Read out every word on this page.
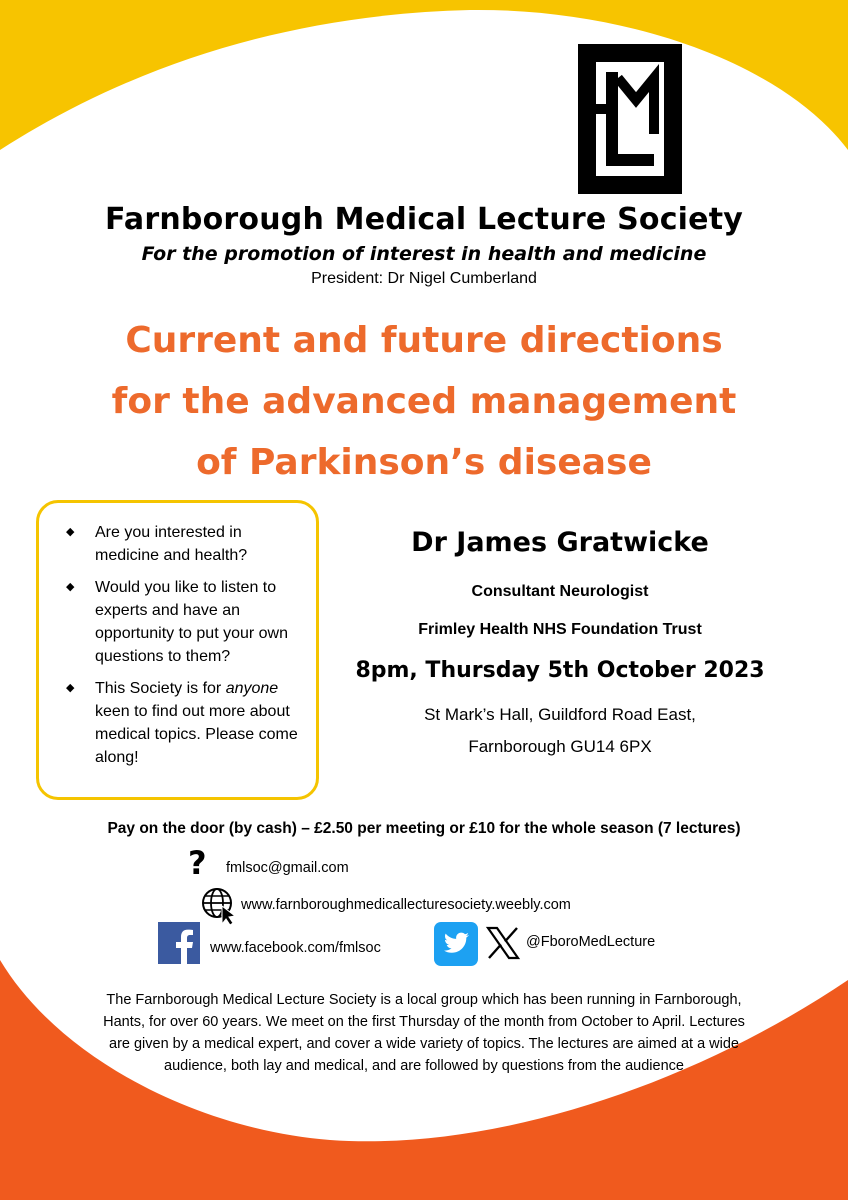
Farnborough Medical Lecture Society
For the promotion of interest in health and medicine
President: Dr Nigel Cumberland
Current and future directions
for the advanced management
of Parkinson’s disease
◆ Are you interested in medicine and health?
◆ Would you like to listen to experts and have an opportunity to put your own questions to them?
◆ This Society is for anyone keen to find out more about medical topics. Please come along!
Dr James Gratwicke
Consultant Neurologist
Frimley Health NHS Foundation Trust
8pm, Thursday 5th October 2023
St Mark’s Hall, Guildford Road East,
Farnborough GU14 6PX
Pay on the door (by cash) – £2.50 per meeting or £10 for the whole season (7 lectures)
? fmlsoc@gmail.com
www.farnboroughmedicallecturesociety.weebly.com
www.facebook.com/fmlsoc	@FboroMedLecture
The Farnborough Medical Lecture Society is a local group which has been running in Farnborough, Hants, for over 60 years. We meet on the first Thursday of the month from October to April. Lectures are given by a medical expert, and cover a wide variety of topics. The lectures are aimed at a wide audience, both lay and medical, and are followed by questions from the audience
